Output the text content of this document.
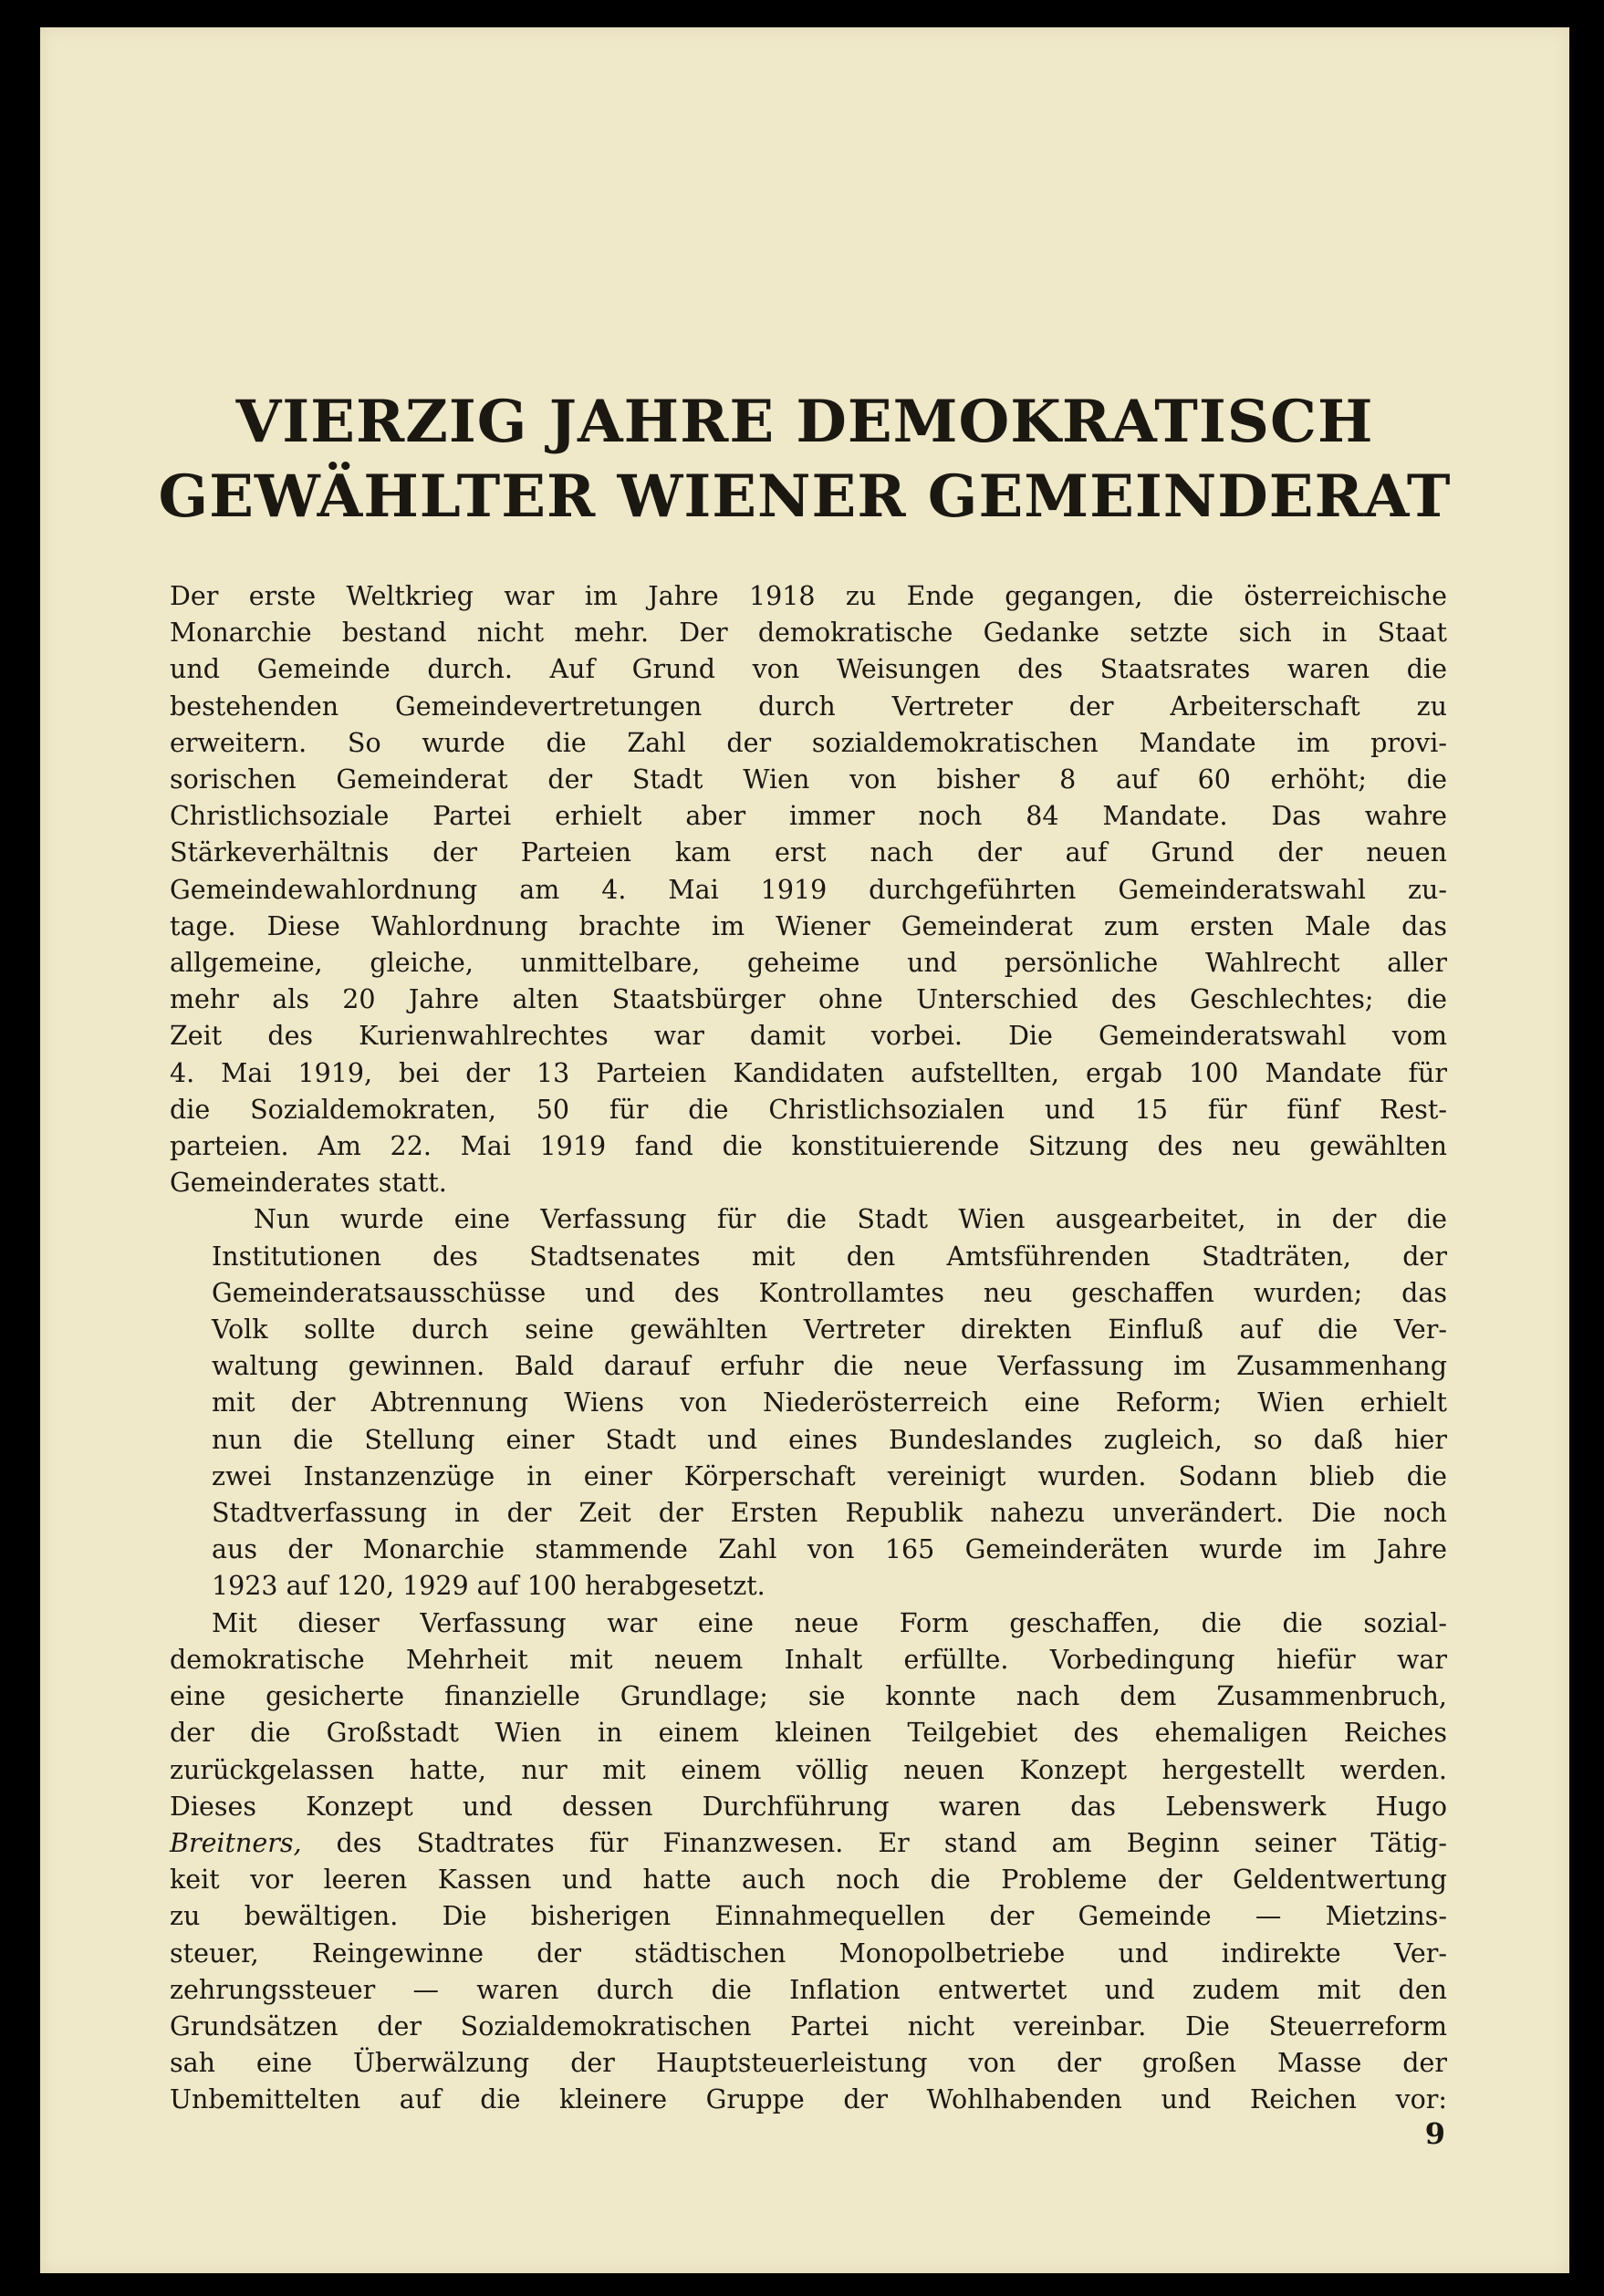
VIERZIG JAHRE DEMOKRATISCH
GEWÄHLTER WIENER GEMEINDERAT
Der erste Weltkrieg war im Jahre 1918 zu Ende gegangen, die österreichische
Monarchie bestand nicht mehr. Der demokratische Gedanke setzte sich in Staat
und Gemeinde durch. Auf Grund von Weisungen des Staatsrates waren die
bestehenden Gemeindevertretungen durch Vertreter der Arbeiterschaft zu
erweitern. So wurde die Zahl der sozialdemokratischen Mandate im provi-
sorischen Gemeinderat der Stadt Wien von bisher 8 auf 60 erhöht; die
Christlichsoziale Partei erhielt aber immer noch 84 Mandate. Das wahre
Stärkeverhältnis der Parteien kam erst nach der auf Grund der neuen
Gemeindewahlordnung am 4. Mai 1919 durchgeführten Gemeinderatswahl zu-
tage. Diese Wahlordnung brachte im Wiener Gemeinderat zum ersten Male das
allgemeine, gleiche, unmittelbare, geheime und persönliche Wahlrecht aller
mehr als 20 Jahre alten Staatsbürger ohne Unterschied des Geschlechtes; die
Zeit des Kurienwahlrechtes war damit vorbei. Die Gemeinderatswahl vom
4. Mai 1919, bei der 13 Parteien Kandidaten aufstellten, ergab 100 Mandate für
die Sozialdemokraten, 50 für die Christlichsozialen und 15 für fünf Rest-
parteien. Am 22. Mai 1919 fand die konstituierende Sitzung des neu gewählten
Gemeinderates statt.
Nun wurde eine Verfassung für die Stadt Wien ausgearbeitet, in der die
Institutionen des Stadtsenates mit den Amtsführenden Stadträten, der
Gemeinderatsausschüsse und des Kontrollamtes neu geschaffen wurden; das
Volk sollte durch seine gewählten Vertreter direkten Einfluß auf die Ver-
waltung gewinnen. Bald darauf erfuhr die neue Verfassung im Zusammenhang
mit der Abtrennung Wiens von Niederösterreich eine Reform; Wien erhielt
nun die Stellung einer Stadt und eines Bundeslandes zugleich, so daß hier
zwei Instanzenzüge in einer Körperschaft vereinigt wurden. Sodann blieb die
Stadtverfassung in der Zeit der Ersten Republik nahezu unverändert. Die noch
aus der Monarchie stammende Zahl von 165 Gemeinderäten wurde im Jahre
1923 auf 120, 1929 auf 100 herabgesetzt.
Mit dieser Verfassung war eine neue Form geschaffen, die die sozial-
demokratische Mehrheit mit neuem Inhalt erfüllte. Vorbedingung hiefür war
eine gesicherte finanzielle Grundlage; sie konnte nach dem Zusammenbruch,
der die Großstadt Wien in einem kleinen Teilgebiet des ehemaligen Reiches
zurückgelassen hatte, nur mit einem völlig neuen Konzept hergestellt werden.
Dieses Konzept und dessen Durchführung waren das Lebenswerk Hugo
Breitners, des Stadtrates für Finanzwesen. Er stand am Beginn seiner Tätig-
keit vor leeren Kassen und hatte auch noch die Probleme der Geldentwertung
zu bewältigen. Die bisherigen Einnahmequellen der Gemeinde — Mietzins-
steuer, Reingewinne der städtischen Monopolbetriebe und indirekte Ver-
zehrungssteuer — waren durch die Inflation entwertet und zudem mit den
Grundsätzen der Sozialdemokratischen Partei nicht vereinbar. Die Steuerreform
sah eine Überwälzung der Hauptsteuerleistung von der großen Masse der
Unbemittelten auf die kleinere Gruppe der Wohlhabenden und Reichen vor:
9
